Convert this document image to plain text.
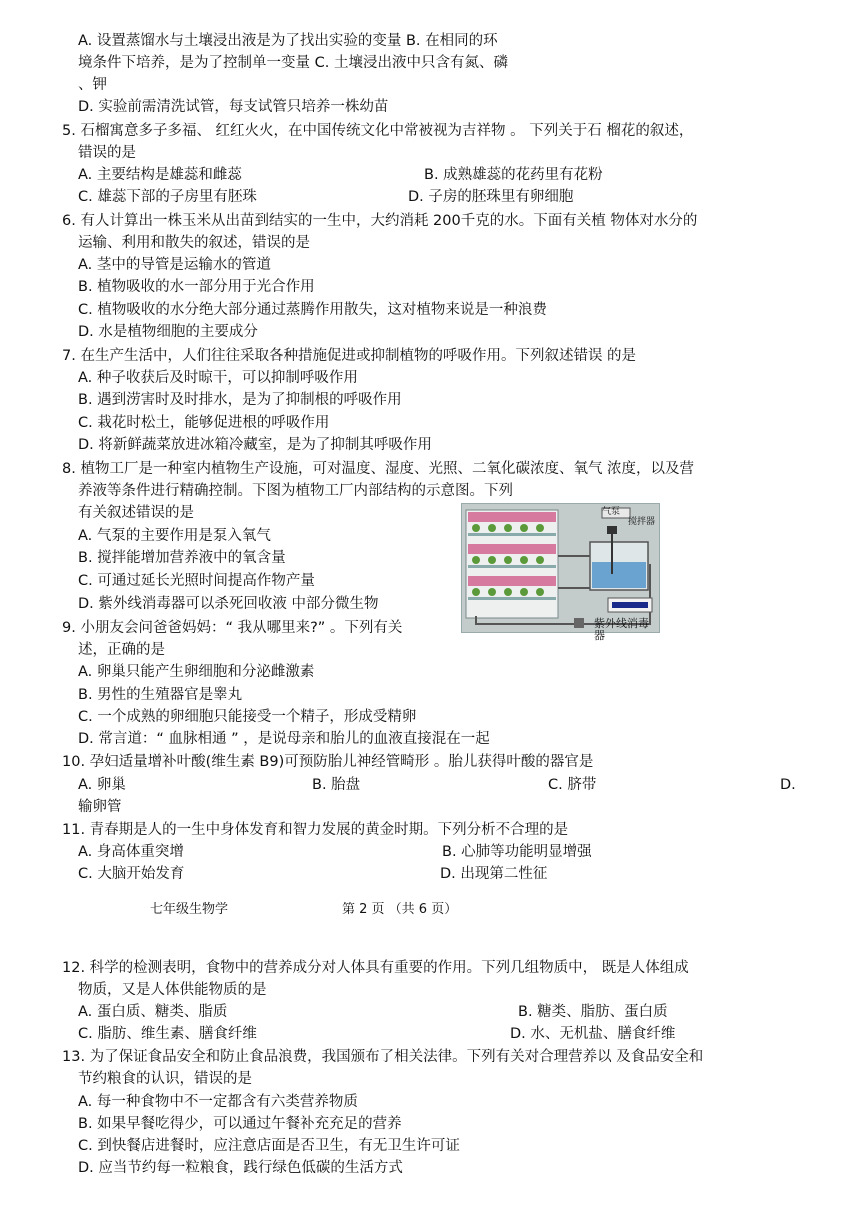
A. 设置蒸馏水与土壤浸出液是为了找出实验的变量 B. 在相同的环
境条件下培养，是为了控制单一变量 C. 土壤浸出液中只含有氮、磷
、钾
D. 实验前需清洗试管，每支试管只培养一株幼苗
5. 石榴寓意多子多福、 红红火火，在中国传统文化中常被视为吉祥物 。 下列关于石 榴花的叙述，
错误的是
A. 主要结构是雄蕊和雌蕊	B. 成熟雄蕊的花药里有花粉
C. 雄蕊下部的子房里有胚珠	D. 子房的胚珠里有卵细胞
6. 有人计算出一株玉米从出苗到结实的一生中，大约消耗 200千克的水。下面有关植 物体对水分的
运输、利用和散失的叙述，错误的是
A. 茎中的导管是运输水的管道
B. 植物吸收的水一部分用于光合作用
C. 植物吸收的水分绝大部分通过蒸腾作用散失，这对植物来说是一种浪费
D. 水是植物细胞的主要成分
7. 在生产生活中，人们往往采取各种措施促进或抑制植物的呼吸作用。下列叙述错误 的是
A. 种子收获后及时晾干，可以抑制呼吸作用
B. 遇到涝害时及时排水，是为了抑制根的呼吸作用
C. 栽花时松土，能够促进根的呼吸作用
D. 将新鲜蔬菜放进冰箱冷藏室，是为了抑制其呼吸作用
8. 植物工厂是一种室内植物生产设施，可对温度、湿度、光照、二氧化碳浓度、氧气 浓度，以及营
养液等条件进行精确控制。下图为植物工厂内部结构的示意图。下列
有关叙述错误的是
A. 气泵的主要作用是泵入氧气
B. 搅拌能增加营养液中的氧含量
C. 可通过延长光照时间提高作物产量
D. 紫外线消毒器可以杀死回收液 中部分微生物
气泵
搅拌器
紫外线消毒器
9. 小朋友会问爸爸妈妈：“ 我从哪里来?” 。下列有关
述，正确的是
A. 卵巢只能产生卵细胞和分泌雌激素
B. 男性的生殖器官是睾丸
C. 一个成熟的卵细胞只能接受一个精子，形成受精卵
D. 常言道：“ 血脉相通 ” ，是说母亲和胎儿的血液直接混在一起
10. 孕妇适量增补叶酸(维生素 B9)可预防胎儿神经管畸形 。胎儿获得叶酸的器官是
A. 卵巢	B. 胎盘	C. 脐带	D.
输卵管
11. 青春期是人的一生中身体发育和智力发展的黄金时期。下列分析不合理的是
A. 身高体重突增	B. 心肺等功能明显增强
C. 大脑开始发育	D. 出现第二性征
七年级生物学	第 2 页 （共 6 页）
12. 科学的检测表明，食物中的营养成分对人体具有重要的作用。下列几组物质中， 既是人体组成
物质，又是人体供能物质的是
A. 蛋白质、糖类、脂质	B. 糖类、脂肪、蛋白质
C. 脂肪、维生素、膳食纤维	D. 水、无机盐、膳食纤维
13. 为了保证食品安全和防止食品浪费，我国颁布了相关法律。下列有关对合理营养以 及食品安全和
节约粮食的认识，错误的是
A. 每一种食物中不一定都含有六类营养物质
B. 如果早餐吃得少，可以通过午餐补充充足的营养
C. 到快餐店进餐时，应注意店面是否卫生，有无卫生许可证
D. 应当节约每一粒粮食，践行绿色低碳的生活方式
